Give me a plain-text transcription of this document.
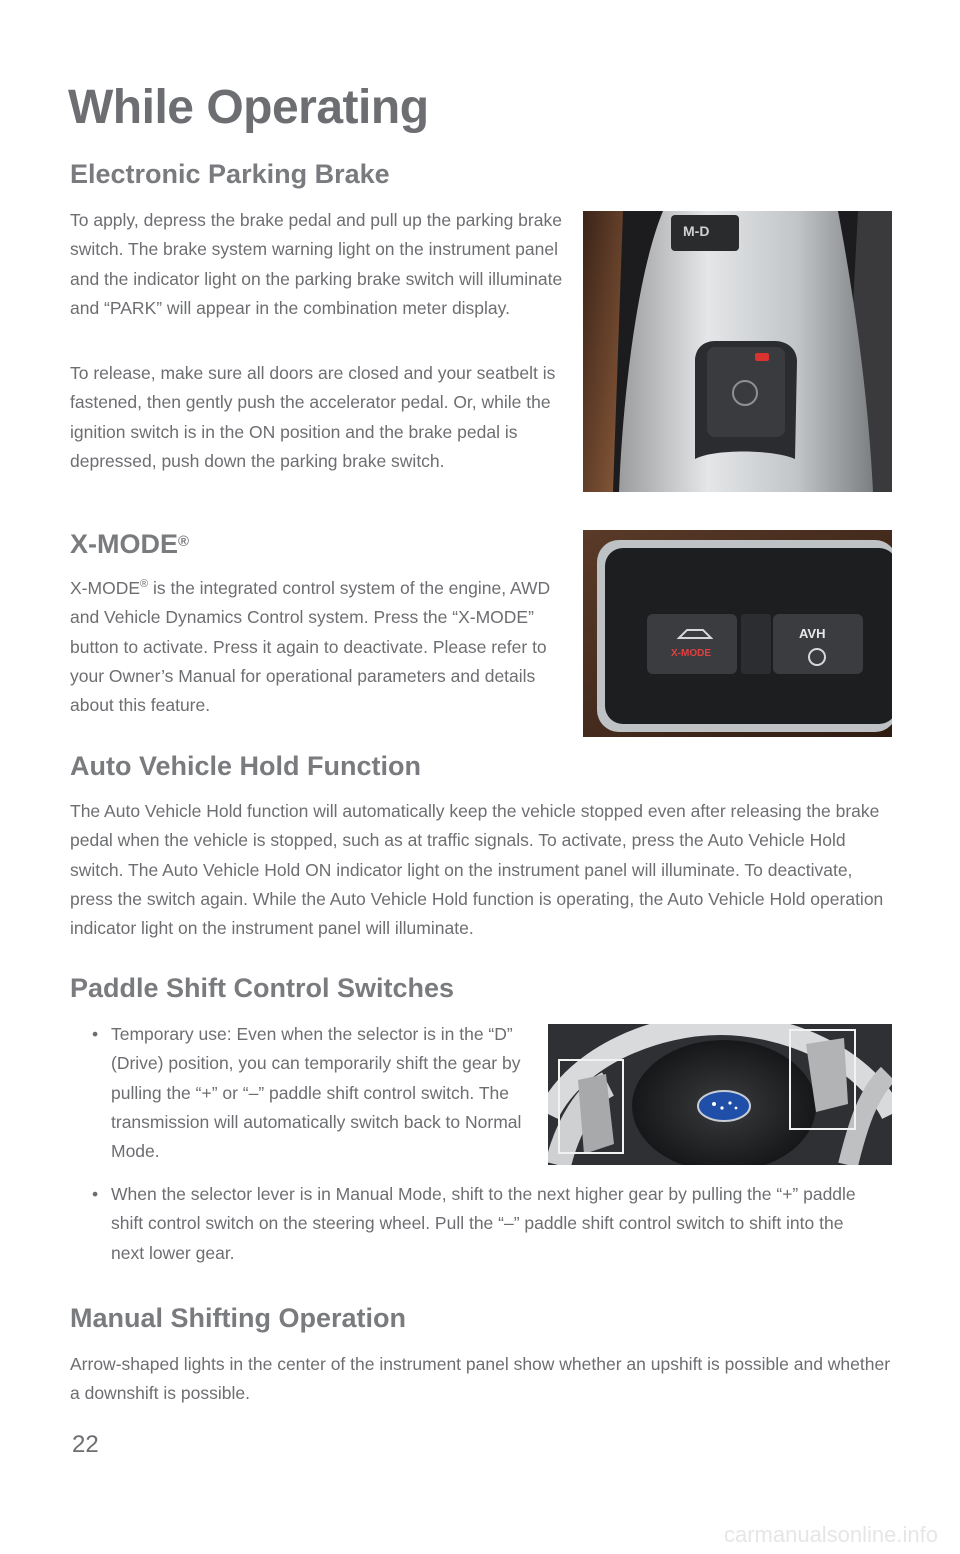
While Operating
Electronic Parking Brake

To apply, depress the brake pedal and pull up the parking brake switch. The brake system warning light on the instrument panel and the indicator light on the parking brake switch will illuminate and “PARK” will appear in the combination meter display.

To release, make sure all doors are closed and your seatbelt is fastened, then gently push the accelerator pedal. Or, while the ignition switch is in the ON position and the brake pedal is depressed, push down the parking brake switch.

M-D
X-MODE®

X-MODE® is the integrated control system of the engine, AWD and Vehicle Dynamics Control system. Press the “X-MODE” button to activate. Press it again to deactivate. Please refer to your Owner’s Manual for operational parameters and details about this feature.

X-MODE
AVH
Auto Vehicle Hold Function

The Auto Vehicle Hold function will automatically keep the vehicle stopped even after releasing the brake pedal when the vehicle is stopped, such as at traffic signals. To activate, press the Auto Vehicle Hold switch. The Auto Vehicle Hold ON indicator light on the instrument panel will illuminate. To deactivate, press the switch again. While the Auto Vehicle Hold function is operating, the Auto Vehicle Hold operation indicator light on the instrument panel will illuminate.

Paddle Shift Control Switches
• Temporary use: Even when the selector is in the “D” (Drive) position, you can temporarily shift the gear by pulling the “+” or “–” paddle shift control switch. The transmission will automatically switch back to Normal Mode.

• When the selector lever is in Manual Mode, shift to the next higher gear by pulling the “+” paddle shift control switch on the steering wheel. Pull the “–” paddle shift control switch to shift into the next lower gear.

Manual Shifting Operation

Arrow-shaped lights in the center of the instrument panel show whether an upshift is possible and whether a downshift is possible.

22
carmanualsonline.info
